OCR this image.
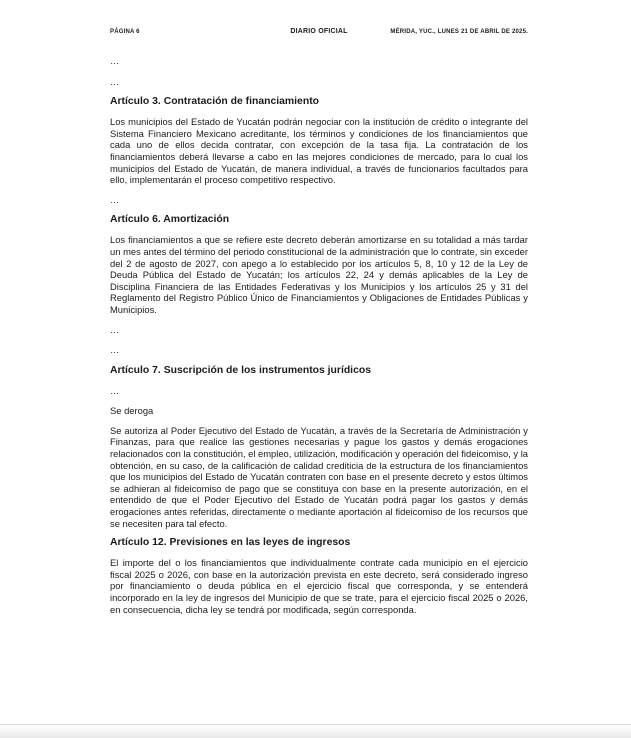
PÁGINA 6	DIARIO OFICIAL	MÉRIDA, YUC., LUNES 21 DE ABRIL DE 2025.
…
…
Artículo 3. Contratación de financiamiento

Los municipios del Estado de Yucatán podrán negociar con la institución de crédito o integrante del Sistema Financiero Mexicano acreditante, los términos y condiciones de los financiamientos que cada uno de ellos decida contratar, con excepción de la tasa fija. La contratación de los financiamientos deberá llevarse a cabo en las mejores condiciones de mercado, para lo cual los municipios del Estado de Yucatán, de manera individual, a través de funcionarios facultados para ello, implementarán el proceso competitivo respectivo.

…
Artículo 6. Amortización

Los financiamientos a que se refiere este decreto deberán amortizarse en su totalidad a más tardar un mes antes del término del periodo constitucional de la administración que lo contrate, sin exceder del 2 de agosto de 2027, con apego a lo establecido por los artículos 5, 8, 10 y 12 de la Ley de Deuda Pública del Estado de Yucatán; los artículos 22, 24 y demás aplicables de la Ley de Disciplina Financiera de las Entidades Federativas y los Municipios y los artículos 25 y 31 del Reglamento del Registro Público Único de Financiamientos y Obligaciones de Entidades Públicas y Municipios.

…
…
Artículo 7. Suscripción de los instrumentos jurídicos
…
Se deroga

Se autoriza al Poder Ejecutivo del Estado de Yucatán, a través de la Secretaría de Administración y Finanzas, para que realice las gestiones necesarias y pague los gastos y demás erogaciones relacionados con la constitución, el empleo, utilización, modificación y operación del fideicomiso, y la obtención, en su caso, de la calificación de calidad crediticia de la estructura de los financiamientos que los municipios del Estado de Yucatán contraten con base en el presente decreto y estos últimos se adhieran al fideicomiso de pago que se constituya con base en la presente autorización, en el entendido de que el Poder Ejecutivo del Estado de Yucatán podrá pagar los gastos y demás erogaciones antes referidas, directamente o mediante aportación al fideicomiso de los recursos que se necesiten para tal efecto.

Artículo 12. Previsiones en las leyes de ingresos

El importe del o los financiamientos que individualmente contrate cada municipio en el ejercicio fiscal 2025 o 2026, con base en la autorización prevista en este decreto, será considerado ingreso por financiamiento o deuda pública en el ejercicio fiscal que corresponda, y se entenderá incorporado en la ley de ingresos del Municipio de que se trate, para el ejercicio fiscal 2025 o 2026, en consecuencia, dicha ley se tendrá por modificada, según corresponda.
